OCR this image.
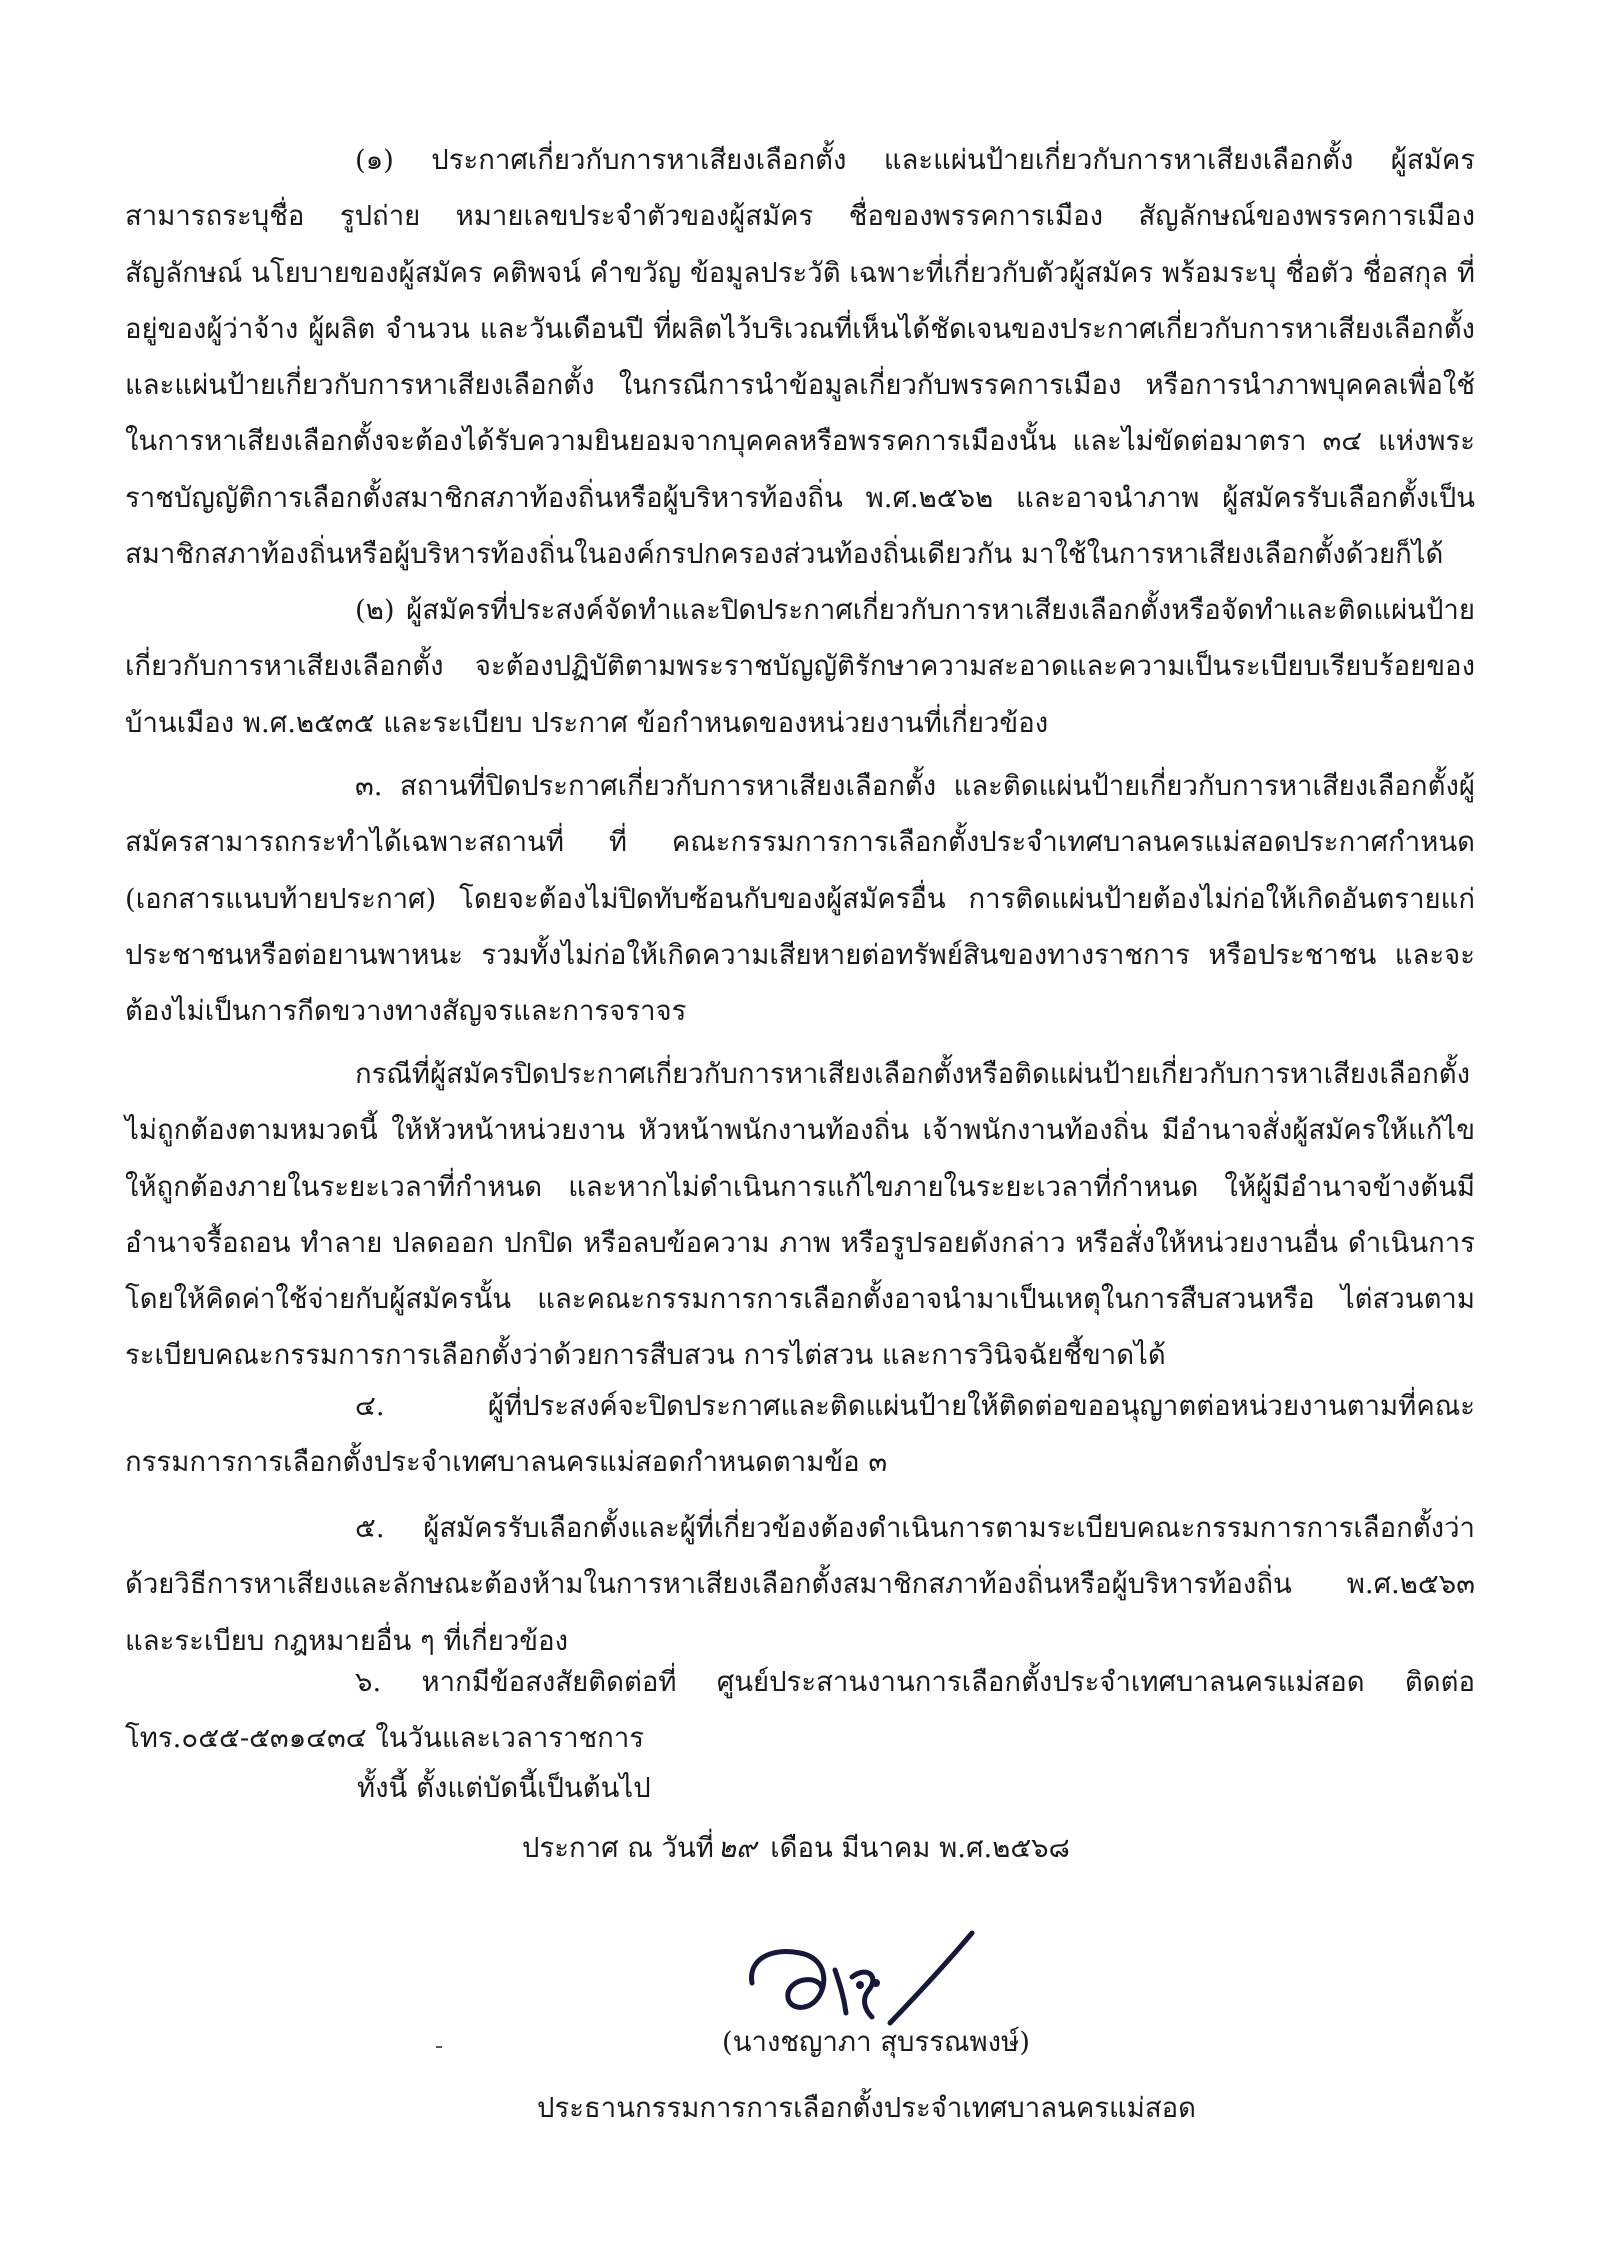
(๑) ประกาศเกี่ยวกับการหาเสียงเลือกตั้ง และแผ่นป้ายเกี่ยวกับการหาเสียงเลือกตั้ง ผู้สมัครสามารถระบุชื่อ รูปถ่าย หมายเลขประจำตัวของผู้สมัคร ชื่อของพรรคการเมือง สัญลักษณ์ของพรรคการเมือง สัญลักษณ์ นโยบายของผู้สมัคร คติพจน์ คำขวัญ ข้อมูลประวัติ เฉพาะที่เกี่ยวกับตัวผู้สมัคร พร้อมระบุ ชื่อตัว ชื่อสกุล ที่อยู่ของผู้ว่าจ้าง ผู้ผลิต จำนวน และวันเดือนปี ที่ผลิตไว้บริเวณที่เห็นได้ชัดเจนของประกาศเกี่ยวกับการหาเสียงเลือกตั้งและแผ่นป้ายเกี่ยวกับการหาเสียงเลือกตั้ง ในกรณีการนำข้อมูลเกี่ยวกับพรรคการเมือง หรือการนำภาพบุคคลเพื่อใช้ในการหาเสียงเลือกตั้งจะต้องได้รับความยินยอมจากบุคคลหรือพรรคการเมืองนั้น และไม่ขัดต่อมาตรา ๓๔ แห่งพระราชบัญญัติการเลือกตั้งสมาชิกสภาท้องถิ่นหรือผู้บริหารท้องถิ่น พ.ศ.๒๕๖๒ และอาจนำภาพ ผู้สมัครรับเลือกตั้งเป็นสมาชิกสภาท้องถิ่นหรือผู้บริหารท้องถิ่นในองค์กรปกครองส่วนท้องถิ่นเดียวกัน มาใช้ในการหาเสียงเลือกตั้งด้วยก็ได้

(๒) ผู้สมัครที่ประสงค์จัดทำและปิดประกาศเกี่ยวกับการหาเสียงเลือกตั้งหรือจัดทำและติดแผ่นป้ายเกี่ยวกับการหาเสียงเลือกตั้ง จะต้องปฏิบัติตามพระราชบัญญัติรักษาความสะอาดและความเป็นระเบียบเรียบร้อยของบ้านเมือง พ.ศ.๒๕๓๕ และระเบียบ ประกาศ ข้อกำหนดของหน่วยงานที่เกี่ยวข้อง

๓. สถานที่ปิดประกาศเกี่ยวกับการหาเสียงเลือกตั้ง และติดแผ่นป้ายเกี่ยวกับการหาเสียงเลือกตั้งผู้สมัครสามารถกระทำได้เฉพาะสถานที่ ที่ คณะกรรมการการเลือกตั้งประจำเทศบาลนครแม่สอดประกาศกำหนด (เอกสารแนบท้ายประกาศ) โดยจะต้องไม่ปิดทับซ้อนกับของผู้สมัครอื่น การติดแผ่นป้ายต้องไม่ก่อให้เกิดอันตรายแก่ประชาชนหรือต่อยานพาหนะ รวมทั้งไม่ก่อให้เกิดความเสียหายต่อทรัพย์สินของทางราชการ หรือประชาชน และจะต้องไม่เป็นการกีดขวางทางสัญจรและการจราจร

กรณีที่ผู้สมัครปิดประกาศเกี่ยวกับการหาเสียงเลือกตั้งหรือติดแผ่นป้ายเกี่ยวกับการหาเสียงเลือกตั้งไม่ถูกต้องตามหมวดนี้ ให้หัวหน้าหน่วยงาน หัวหน้าพนักงานท้องถิ่น เจ้าพนักงานท้องถิ่น มีอำนาจสั่งผู้สมัครให้แก้ไขให้ถูกต้องภายในระยะเวลาที่กำหนด และหากไม่ดำเนินการแก้ไขภายในระยะเวลาที่กำหนด ให้ผู้มีอำนาจข้างต้นมีอำนาจรื้อถอน ทำลาย ปลดออก ปกปิด หรือลบข้อความ ภาพ หรือรูปรอยดังกล่าว หรือสั่งให้หน่วยงานอื่น ดำเนินการ โดยให้คิดค่าใช้จ่ายกับผู้สมัครนั้น และคณะกรรมการการเลือกตั้งอาจนำมาเป็นเหตุในการสืบสวนหรือ ไต่สวนตามระเบียบคณะกรรมการการเลือกตั้งว่าด้วยการสืบสวน การไต่สวน และการวินิจฉัยชี้ขาดได้

๔. ผู้ที่ประสงค์จะปิดประกาศและติดแผ่นป้ายให้ติดต่อขออนุญาตต่อหน่วยงานตามที่คณะกรรมการการเลือกตั้งประจำเทศบาลนครแม่สอดกำหนดตามข้อ ๓

๕. ผู้สมัครรับเลือกตั้งและผู้ที่เกี่ยวข้องต้องดำเนินการตามระเบียบคณะกรรมการการเลือกตั้งว่าด้วยวิธีการหาเสียงและลักษณะต้องห้ามในการหาเสียงเลือกตั้งสมาชิกสภาท้องถิ่นหรือผู้บริหารท้องถิ่น พ.ศ.๒๕๖๓ และระเบียบ กฎหมายอื่น ๆ ที่เกี่ยวข้อง

๖. หากมีข้อสงสัยติดต่อที่ ศูนย์ประสานงานการเลือกตั้งประจำเทศบาลนครแม่สอด ติดต่อโทร.๐๕๕-๕๓๑๔๓๔ ในวันและเวลาราชการ

ทั้งนี้ ตั้งแต่บัดนี้เป็นต้นไป

ประกาศ ณ วันที่ ๒๙ เดือน มีนาคม พ.ศ.๒๕๖๘

(นางชญาภา สุบรรณพงษ์)

ประธานกรรมการการเลือกตั้งประจำเทศบาลนครแม่สอด
